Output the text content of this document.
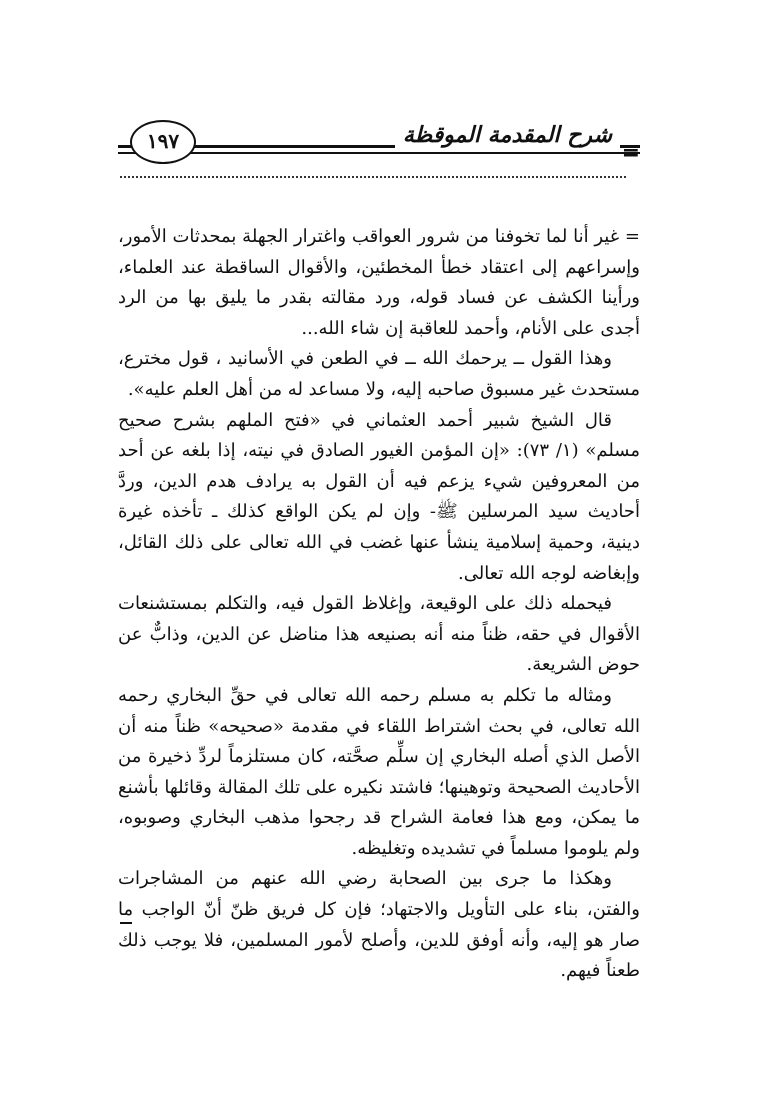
١٩٧	شرح المقدمة الموقظة
=

= غير أنا لما تخوفنا من شرور العواقب واغترار الجهلة بمحدثات الأمور، وإسراعهم إلى اعتقاد خطأ المخطئين، والأقوال الساقطة عند العلماء، ورأينا الكشف عن فساد قوله، ورد مقالته بقدر ما يليق بها من الرد أجدى على الأنام، وأحمد للعاقبة إن شاء الله...

وهذا القول ــ يرحمك الله ــ في الطعن في الأسانيد ، قول مخترع، مستحدث غير مسبوق صاحبه إليه، ولا مساعد له من أهل العلم عليه».

قال الشيخ شبير أحمد العثماني في «فتح الملهم بشرح صحيح مسلم» (١/ ٧٣): «إن المؤمن الغيور الصادق في نيته، إذا بلغه عن أحد من المعروفين شيء يزعم فيه أن القول به يرادف هدم الدين، وردَّ أحاديث سيد المرسلين ﷺ- وإن لم يكن الواقع كذلك ـ تأخذه غيرة دينية، وحمية إسلامية ينشأ عنها غضب في الله تعالى على ذلك القائل، وإبغاضه لوجه الله تعالى.

فيحمله ذلك على الوقيعة، وإغلاظ القول فيه، والتكلم بمستشنعات الأقوال في حقه، ظناً منه أنه بصنيعه هذا مناضل عن الدين، وذابٌّ عن حوض الشريعة.

ومثاله ما تكلم به مسلم رحمه الله تعالى في حقِّ البخاري رحمه الله تعالى، في بحث اشتراط اللقاء في مقدمة «صحيحه» ظناً منه أن الأصل الذي أصله البخاري إن سلِّم صحَّته، كان مستلزماً لردِّ ذخيرة من الأحاديث الصحيحة وتوهينها؛ فاشتد نكيره على تلك المقالة وقائلها بأشنع ما يمكن، ومع هذا فعامة الشراح قد رجحوا مذهب البخاري وصوبوه، ولم يلوموا مسلماً في تشديده وتغليظه.

وهكذا ما جرى بين الصحابة رضي الله عنهم من المشاجرات والفتن، بناء على التأويل والاجتهاد؛ فإن كل فريق ظنّ أنّ الواجب ما صار هو إليه، وأنه أوفق للدين، وأصلح لأمور المسلمين، فلا يوجب ذلك طعناً فيهم.
